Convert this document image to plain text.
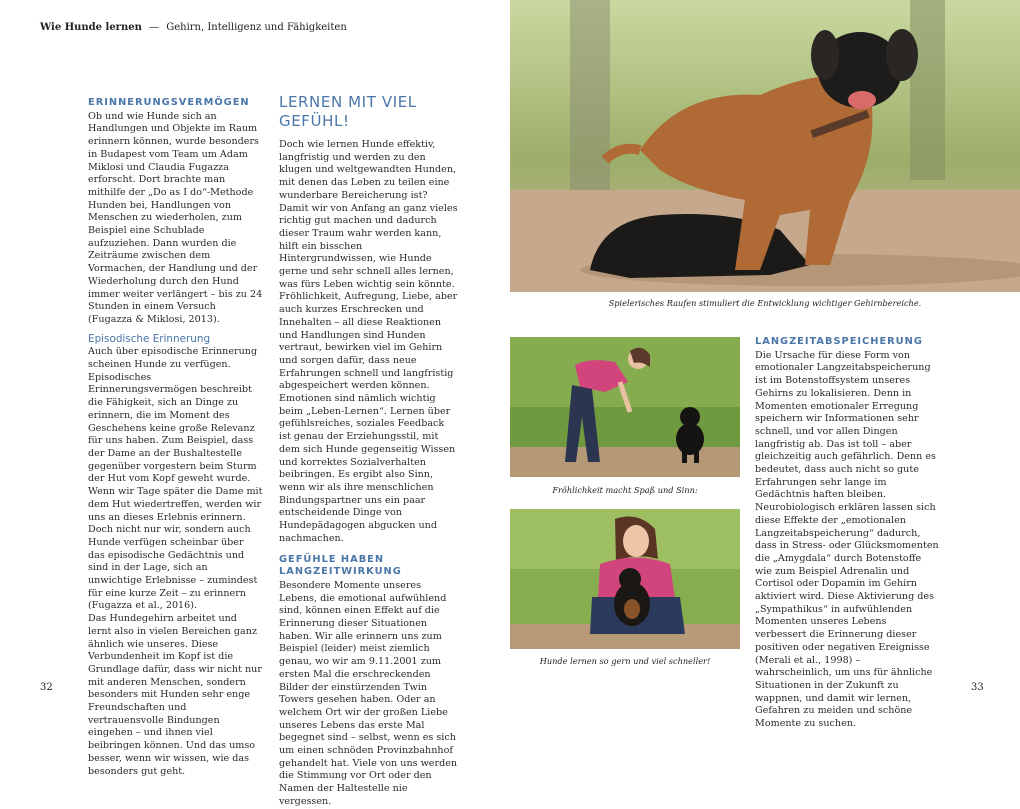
Wie Hunde lernen — Gehirn, Intelligenz und Fähigkeiten
ERINNERUNGSVERMÖGEN

Ob und wie Hunde sich an Handlungen und Objekte im Raum erinnern können, wurde besonders in Budapest vom Team um Adam Miklosi und Claudia Fugazza erforscht. Dort brachte man mithilfe der „Do as I do“-Methode Hunden bei, Handlungen von Menschen zu wiederholen, zum Beispiel eine Schublade aufzuziehen. Dann wurden die Zeiträume zwischen dem Vormachen, der Handlung und der Wiederholung durch den Hund immer weiter verlängert – bis zu 24 Stunden in einem Versuch (Fugazza & Miklosi, 2013).

Episodische Erinnerung

Auch über episodische Erinnerung scheinen Hunde zu verfügen. Episodisches Erinnerungsvermögen beschreibt die Fähigkeit, sich an Dinge zu erinnern, die im Moment des Geschehens keine große Relevanz für uns haben. Zum Beispiel, dass der Dame an der Bushaltestelle gegenüber vorgestern beim Sturm der Hut vom Kopf geweht wurde. Wenn wir Tage später die Dame mit dem Hut wiedertreffen, werden wir uns an dieses Erlebnis erinnern. Doch nicht nur wir, sondern auch Hunde verfügen scheinbar über das episodische Gedächtnis und sind in der Lage, sich an unwichtige Erlebnisse – zumindest für eine kurze Zeit – zu erinnern (Fugazza et al., 2016).

Das Hundegehirn arbeitet und lernt also in vielen Bereichen ganz ähnlich wie unseres. Diese Verbundenheit im Kopf ist die Grundlage dafür, dass wir nicht nur mit anderen Menschen, sondern besonders mit Hunden sehr enge Freundschaften und vertrauensvolle Bindungen eingehen – und ihnen viel beibringen können. Und das umso besser, wenn wir wissen, wie das besonders gut geht.

LERNEN MIT VIEL GEFÜHL!

Doch wie lernen Hunde effektiv, langfristig und werden zu den klugen und weltgewandten Hunden, mit denen das Leben zu teilen eine wunderbare Bereicherung ist? Damit wir von Anfang an ganz vieles richtig gut machen und dadurch dieser Traum wahr werden kann, hilft ein bisschen Hintergrundwissen, wie Hunde gerne und sehr schnell alles lernen, was fürs Leben wichtig sein könnte. Fröhlichkeit, Aufregung, Liebe, aber auch kurzes Erschrecken und Innehalten – all diese Reaktionen und Handlungen sind Hunden vertraut, bewirken viel im Gehirn und sorgen dafür, dass neue Erfahrungen schnell und langfristig abgespeichert werden können. Emotionen sind nämlich wichtig beim „Leben-Lernen“. Lernen über gefühlsreiches, soziales Feedback ist genau der Erziehungsstil, mit dem sich Hunde gegenseitig Wissen und korrektes Sozialverhalten beibringen. Es ergibt also Sinn, wenn wir als ihre menschlichen Bindungspartner uns ein paar entscheidende Dinge von Hundepädagogen abgucken und nachmachen.

GEFÜHLE HABEN LANGZEITWIRKUNG

Besondere Momente unseres Lebens, die emotional aufwühlend sind, können einen Effekt auf die Erinnerung dieser Situationen haben. Wir alle erinnern uns zum Beispiel (leider) meist ziemlich genau, wo wir am 9.11.2001 zum ersten Mal die erschreckenden Bilder der einstürzenden Twin Towers gesehen haben. Oder an welchem Ort wir der großen Liebe unseres Lebens das erste Mal begegnet sind – selbst, wenn es sich um einen schnöden Provinzbahnhof gehandelt hat. Viele von uns werden die Stimmung vor Ort oder den Namen der Haltestelle nie vergessen.

32
Spielerisches Raufen stimuliert die Entwicklung wichtiger Gehirnbereiche.
Fröhlichkeit macht Spaß und Sinn:
Hunde lernen so gern und viel schneller!
LANGZEITABSPEICHERUNG

Die Ursache für diese Form von emotionaler Langzeitabspeicherung ist im Botenstoffsystem unseres Gehirns zu lokalisieren. Denn in Momenten emotionaler Erregung speichern wir Informationen sehr schnell, und vor allen Dingen langfristig ab. Das ist toll – aber gleichzeitig auch gefährlich. Denn es bedeutet, dass auch nicht so gute Erfahrungen sehr lange im Gedächtnis haften bleiben. Neurobiologisch erklären lassen sich diese Effekte der „emotionalen Langzeitabspeicherung“ dadurch, dass in Stress- oder Glücksmomenten die „Amygdala“ durch Botenstoffe wie zum Beispiel Adrenalin und Cortisol oder Dopamin im Gehirn aktiviert wird. Diese Aktivierung des „Sympathikus“ in aufwühlenden Momenten unseres Lebens verbessert die Erinnerung dieser positiven oder negativen Ereignisse (Merali et al., 1998) – wahrscheinlich, um uns für ähnliche Situationen in der Zukunft zu wappnen, und damit wir lernen, Gefahren zu meiden und schöne Momente zu suchen.

33
